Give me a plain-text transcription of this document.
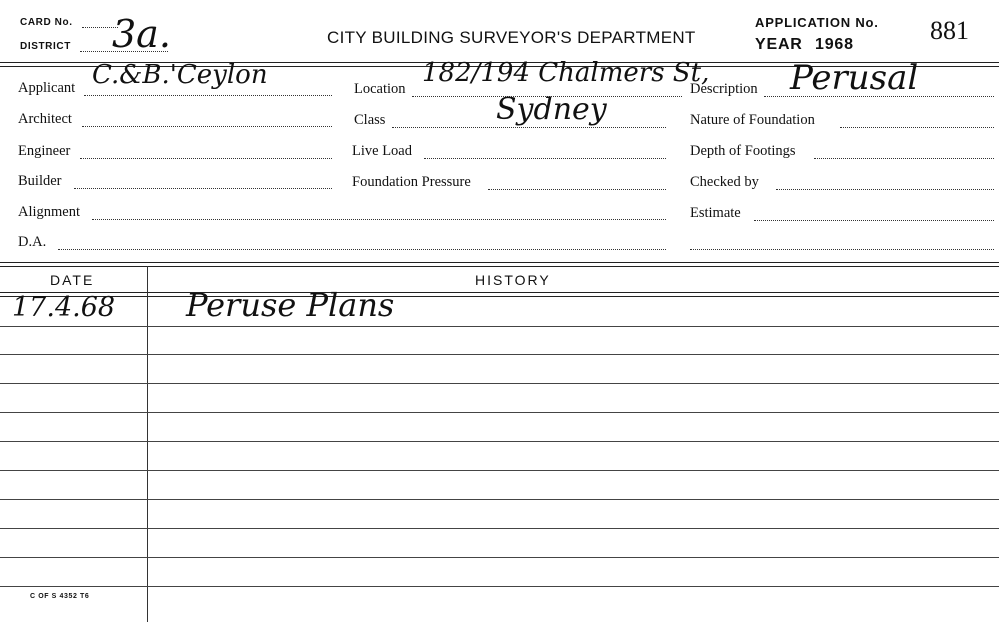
CARD No.
DISTRICT 3a.	CITY BUILDING SURVEYOR'S DEPARTMENT
APPLICATION No. 881
YEAR 1968
Applicant C.&B.'Ceylon
Architect
Engineer
Builder
Alignment
D.A.
Location
182/194 Chalmers St,
Sydney
Class
Live Load
Foundation Pressure
Description Perusal
Nature of Foundation
Depth of Footings
Checked by
Estimate
DATE	HISTORY
17.4.68 Peruse Plans
C OF S 4352 T6
